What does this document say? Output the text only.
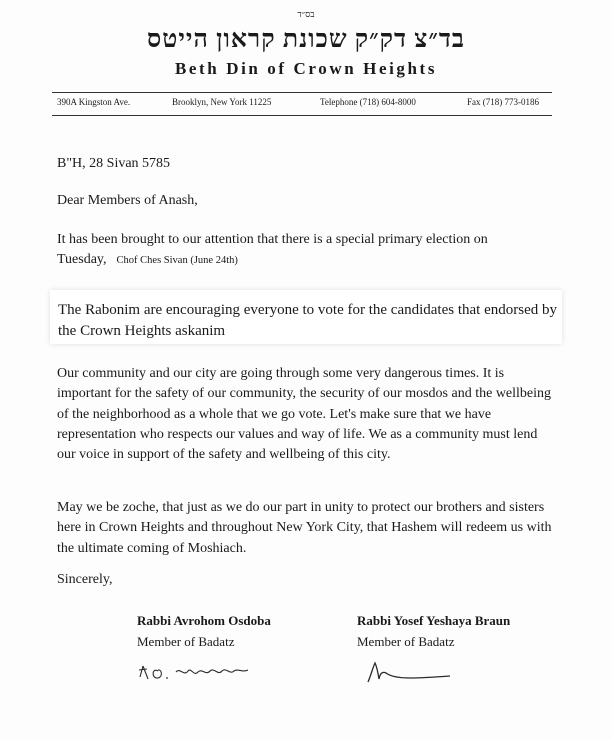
בס״ד
בד״צ דק״ק שכונת קראון הייטס
Beth Din of Crown Heights
390A Kingston Ave.	Brooklyn, New York 11225	Telephone (718) 604-8000	Fax (718) 773-0186
B"H, 28 Sivan 5785
Dear Members of Anash,
It has been brought to our attention that there is a special primary election on Tuesday, Chof Ches Sivan (June 24th)
The Rabonim are encouraging everyone to vote for the candidates that endorsed by the Crown Heights askanim
Our community and our city are going through some very dangerous times. It is important for the safety of our community, the security of our mosdos and the wellbeing of the neighborhood as a whole that we go vote. Let's make sure that we have representation who respects our values and way of life. We as a community must lend our voice in support of the safety and wellbeing of this city.
May we be zoche, that just as we do our part in unity to protect our brothers and sisters here in Crown Heights and throughout New York City, that Hashem will redeem us with the ultimate coming of Moshiach.
Sincerely,
Rabbi Avrohom Osdoba
Member of Badatz
Rabbi Yosef Yeshaya Braun
Member of Badatz
